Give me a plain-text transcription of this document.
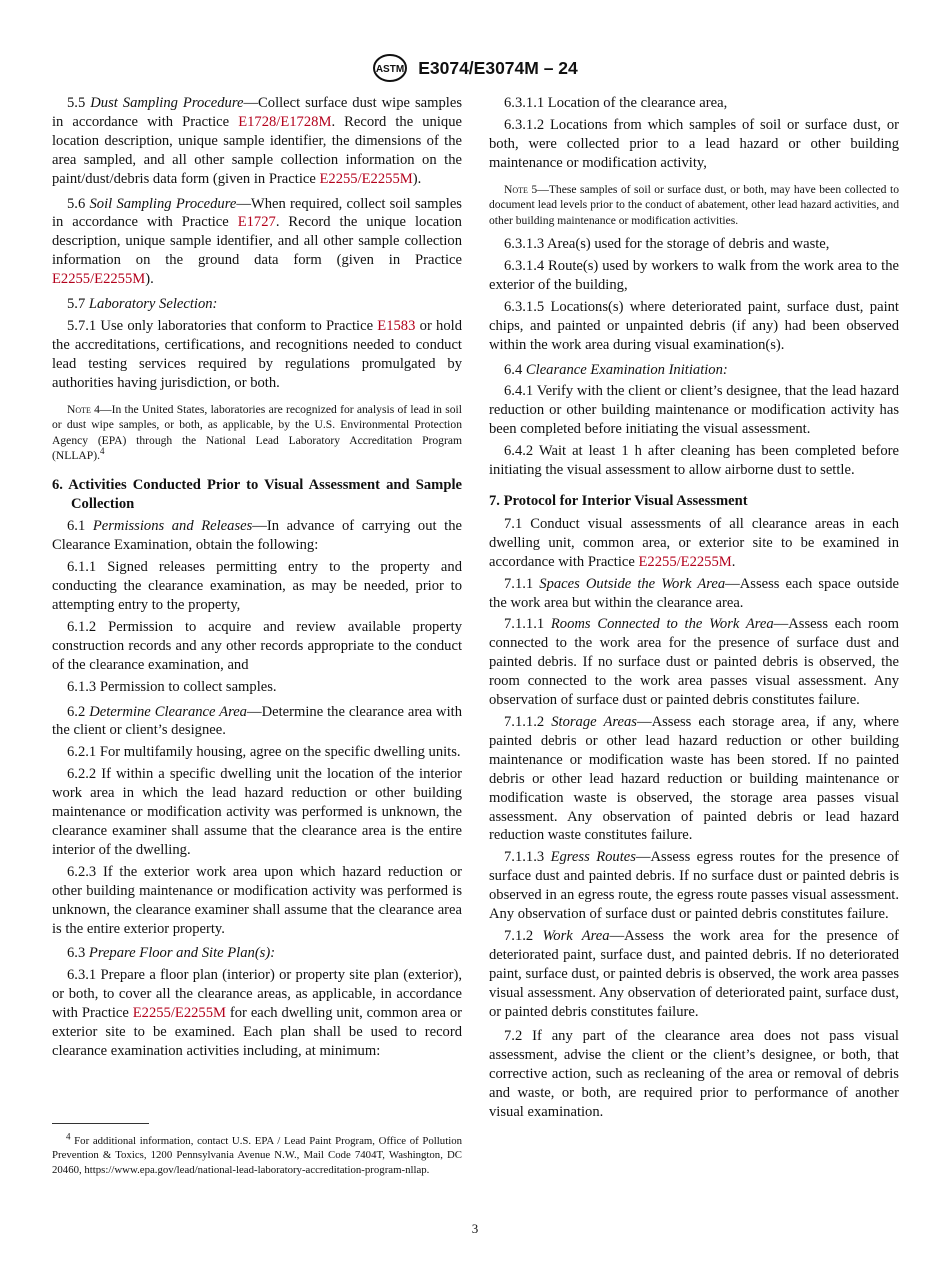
ASTM E3074/E3074M – 24

5.5 Dust Sampling Procedure—Collect surface dust wipe samples in accordance with Practice E1728/E1728M. Record the unique location description, unique sample identifier, the dimensions of the area sampled, and all other sample collection information on the paint/dust/debris data form (given in Practice E2255/E2255M).

5.6 Soil Sampling Procedure—When required, collect soil samples in accordance with Practice E1727. Record the unique location description, unique sample identifier, and all other sample collection information on the ground data form (given in Practice E2255/E2255M).

5.7 Laboratory Selection:

5.7.1 Use only laboratories that conform to Practice E1583 or hold the accreditations, certifications, and recognitions needed to conduct lead testing services required by regulations promulgated by authorities having jurisdiction, or both.

Note 4—In the United States, laboratories are recognized for analysis of lead in soil or dust wipe samples, or both, as applicable, by the U.S. Environmental Protection Agency (EPA) through the National Lead Laboratory Accreditation Program (NLLAP).$^4$

6. Activities Conducted Prior to Visual Assessment and Sample Collection

6.1 Permissions and Releases—In advance of carrying out the Clearance Examination, obtain the following:

6.1.1 Signed releases permitting entry to the property and conducting the clearance examination, as may be needed, prior to attempting entry to the property,

6.1.2 Permission to acquire and review available property construction records and any other records appropriate to the conduct of the clearance examination, and

6.1.3 Permission to collect samples.

6.2 Determine Clearance Area—Determine the clearance area with the client or client’s designee.

6.2.1 For multifamily housing, agree on the specific dwelling units.

6.2.2 If within a specific dwelling unit the location of the interior work area in which the lead hazard reduction or other building maintenance or modification activity was performed is unknown, the clearance examiner shall assume that the clearance area is the entire interior of the dwelling.

6.2.3 If the exterior work area upon which hazard reduction or other building maintenance or modification activity was performed is unknown, the clearance examiner shall assume that the clearance area is the entire exterior property.

6.3 Prepare Floor and Site Plan(s):

6.3.1 Prepare a floor plan (interior) or property site plan (exterior), or both, to cover all the clearance areas, as applicable, in accordance with Practice E2255/E2255M for each dwelling unit, common area or exterior site to be examined. Each plan shall be used to record clearance examination activities including, at minimum:

$^4$ For additional information, contact U.S. EPA / Lead Paint Program, Office of Pollution Prevention & Toxics, 1200 Pennsylvania Avenue N.W., Mail Code 7404T, Washington, DC 20460, https://www.epa.gov/lead/national-lead-laboratory-accreditation-program-nllap.

6.3.1.1 Location of the clearance area,

6.3.1.2 Locations from which samples of soil or surface dust, or both, were collected prior to a lead hazard or other building maintenance or modification activity,

Note 5—These samples of soil or surface dust, or both, may have been collected to document lead levels prior to the conduct of abatement, other lead hazard activities, and other building maintenance or modification activities.

6.3.1.3 Area(s) used for the storage of debris and waste,

6.3.1.4 Route(s) used by workers to walk from the work area to the exterior of the building,

6.3.1.5 Locations(s) where deteriorated paint, surface dust, paint chips, and painted or unpainted debris (if any) had been observed within the work area during visual examination(s).

6.4 Clearance Examination Initiation:

6.4.1 Verify with the client or client’s designee, that the lead hazard reduction or other building maintenance or modification activity has been completed before initiating the visual assessment.

6.4.2 Wait at least 1 h after cleaning has been completed before initiating the visual assessment to allow airborne dust to settle.

7. Protocol for Interior Visual Assessment

7.1 Conduct visual assessments of all clearance areas in each dwelling unit, common area, or exterior site to be examined in accordance with Practice E2255/E2255M.

7.1.1 Spaces Outside the Work Area—Assess each space outside the work area but within the clearance area.

7.1.1.1 Rooms Connected to the Work Area—Assess each room connected to the work area for the presence of surface dust and painted debris. If no surface dust or painted debris is observed, the room connected to the work area passes visual assessment. Any observation of surface dust or painted debris constitutes failure.

7.1.1.2 Storage Areas—Assess each storage area, if any, where painted debris or other lead hazard reduction or other building maintenance or modification waste has been stored. If no painted debris or other lead hazard reduction or building maintenance or modification waste is observed, the storage area passes visual assessment. Any observation of painted debris or lead hazard reduction waste constitutes failure.

7.1.1.3 Egress Routes—Assess egress routes for the presence of surface dust and painted debris. If no surface dust or painted debris is observed in an egress route, the egress route passes visual assessment. Any observation of surface dust or painted debris constitutes failure.

7.1.2 Work Area—Assess the work area for the presence of deteriorated paint, surface dust, and painted debris. If no deteriorated paint, surface dust, or painted debris is observed, the work area passes visual assessment. Any observation of deteriorated paint, surface dust, or painted debris constitutes failure.

7.2 If any part of the clearance area does not pass visual assessment, advise the client or the client’s designee, or both, that corrective action, such as recleaning of the area or removal of debris and waste, or both, are required prior to performance of another visual examination.

3
